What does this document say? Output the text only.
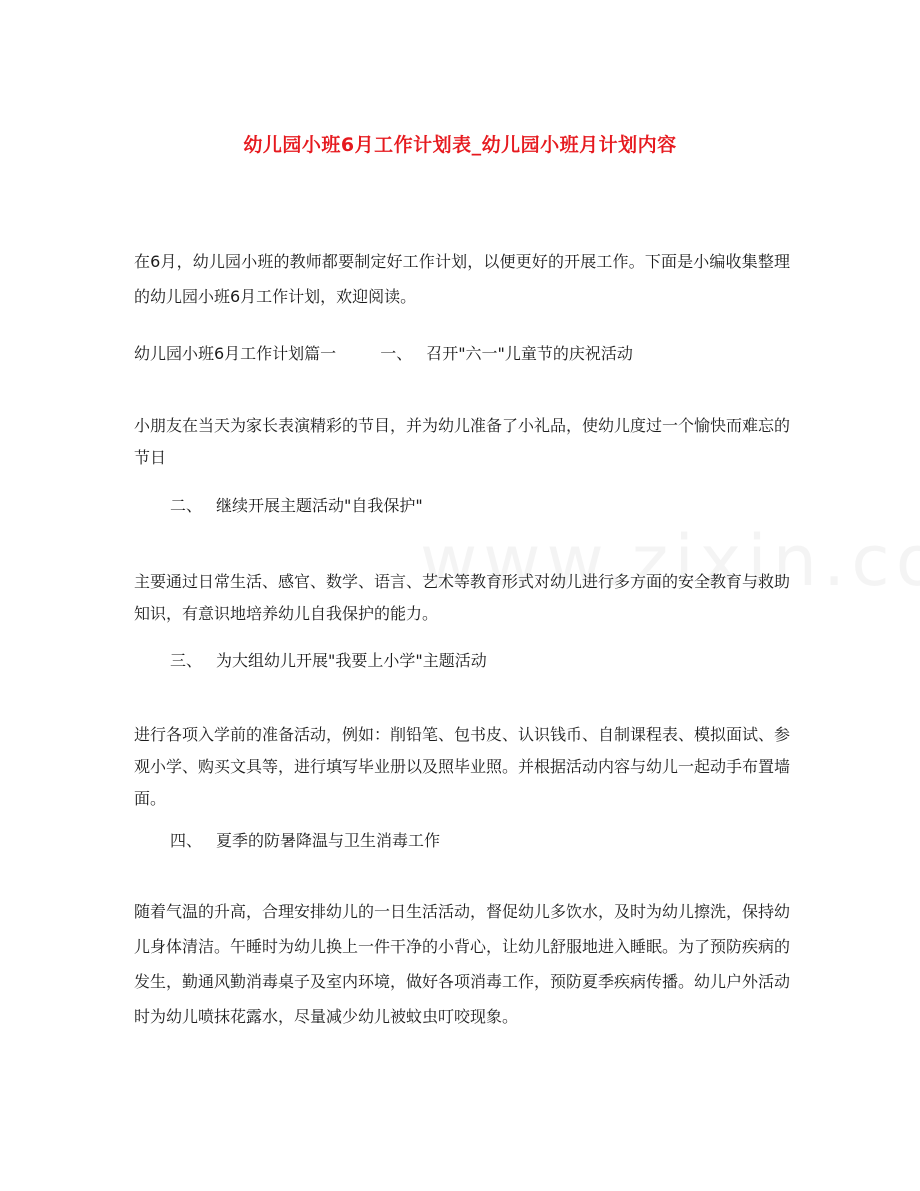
幼儿园小班6月工作计划表_幼儿园小班月计划内容
在6月，幼儿园小班的教师都要制定好工作计划，以便更好的开展工作。下面是小编收集整理的幼儿园小班6月工作计划，欢迎阅读。
幼儿园小班6月工作计划篇一	一、 召开"六一"儿童节的庆祝活动
小朋友在当天为家长表演精彩的节目，并为幼儿准备了小礼品，使幼儿度过一个愉快而难忘的节日
二、 继续开展主题活动"自我保护"
主要通过日常生活、感官、数学、语言、艺术等教育形式对幼儿进行多方面的安全教育与救助知识，有意识地培养幼儿自我保护的能力。
三、 为大组幼儿开展"我要上小学"主题活动
进行各项入学前的准备活动，例如：削铅笔、包书皮、认识钱币、自制课程表、模拟面试、参观小学、购买文具等，进行填写毕业册以及照毕业照。并根据活动内容与幼儿一起动手布置墙面。
四、 夏季的防暑降温与卫生消毒工作
随着气温的升高，合理安排幼儿的一日生活活动，督促幼儿多饮水，及时为幼儿擦洗，保持幼儿身体清洁。午睡时为幼儿换上一件干净的小背心，让幼儿舒服地进入睡眠。为了预防疾病的发生，勤通风勤消毒桌子及室内环境，做好各项消毒工作，预防夏季疾病传播。幼儿户外活动时为幼儿喷抹花露水，尽量减少幼儿被蚊虫叮咬现象。
